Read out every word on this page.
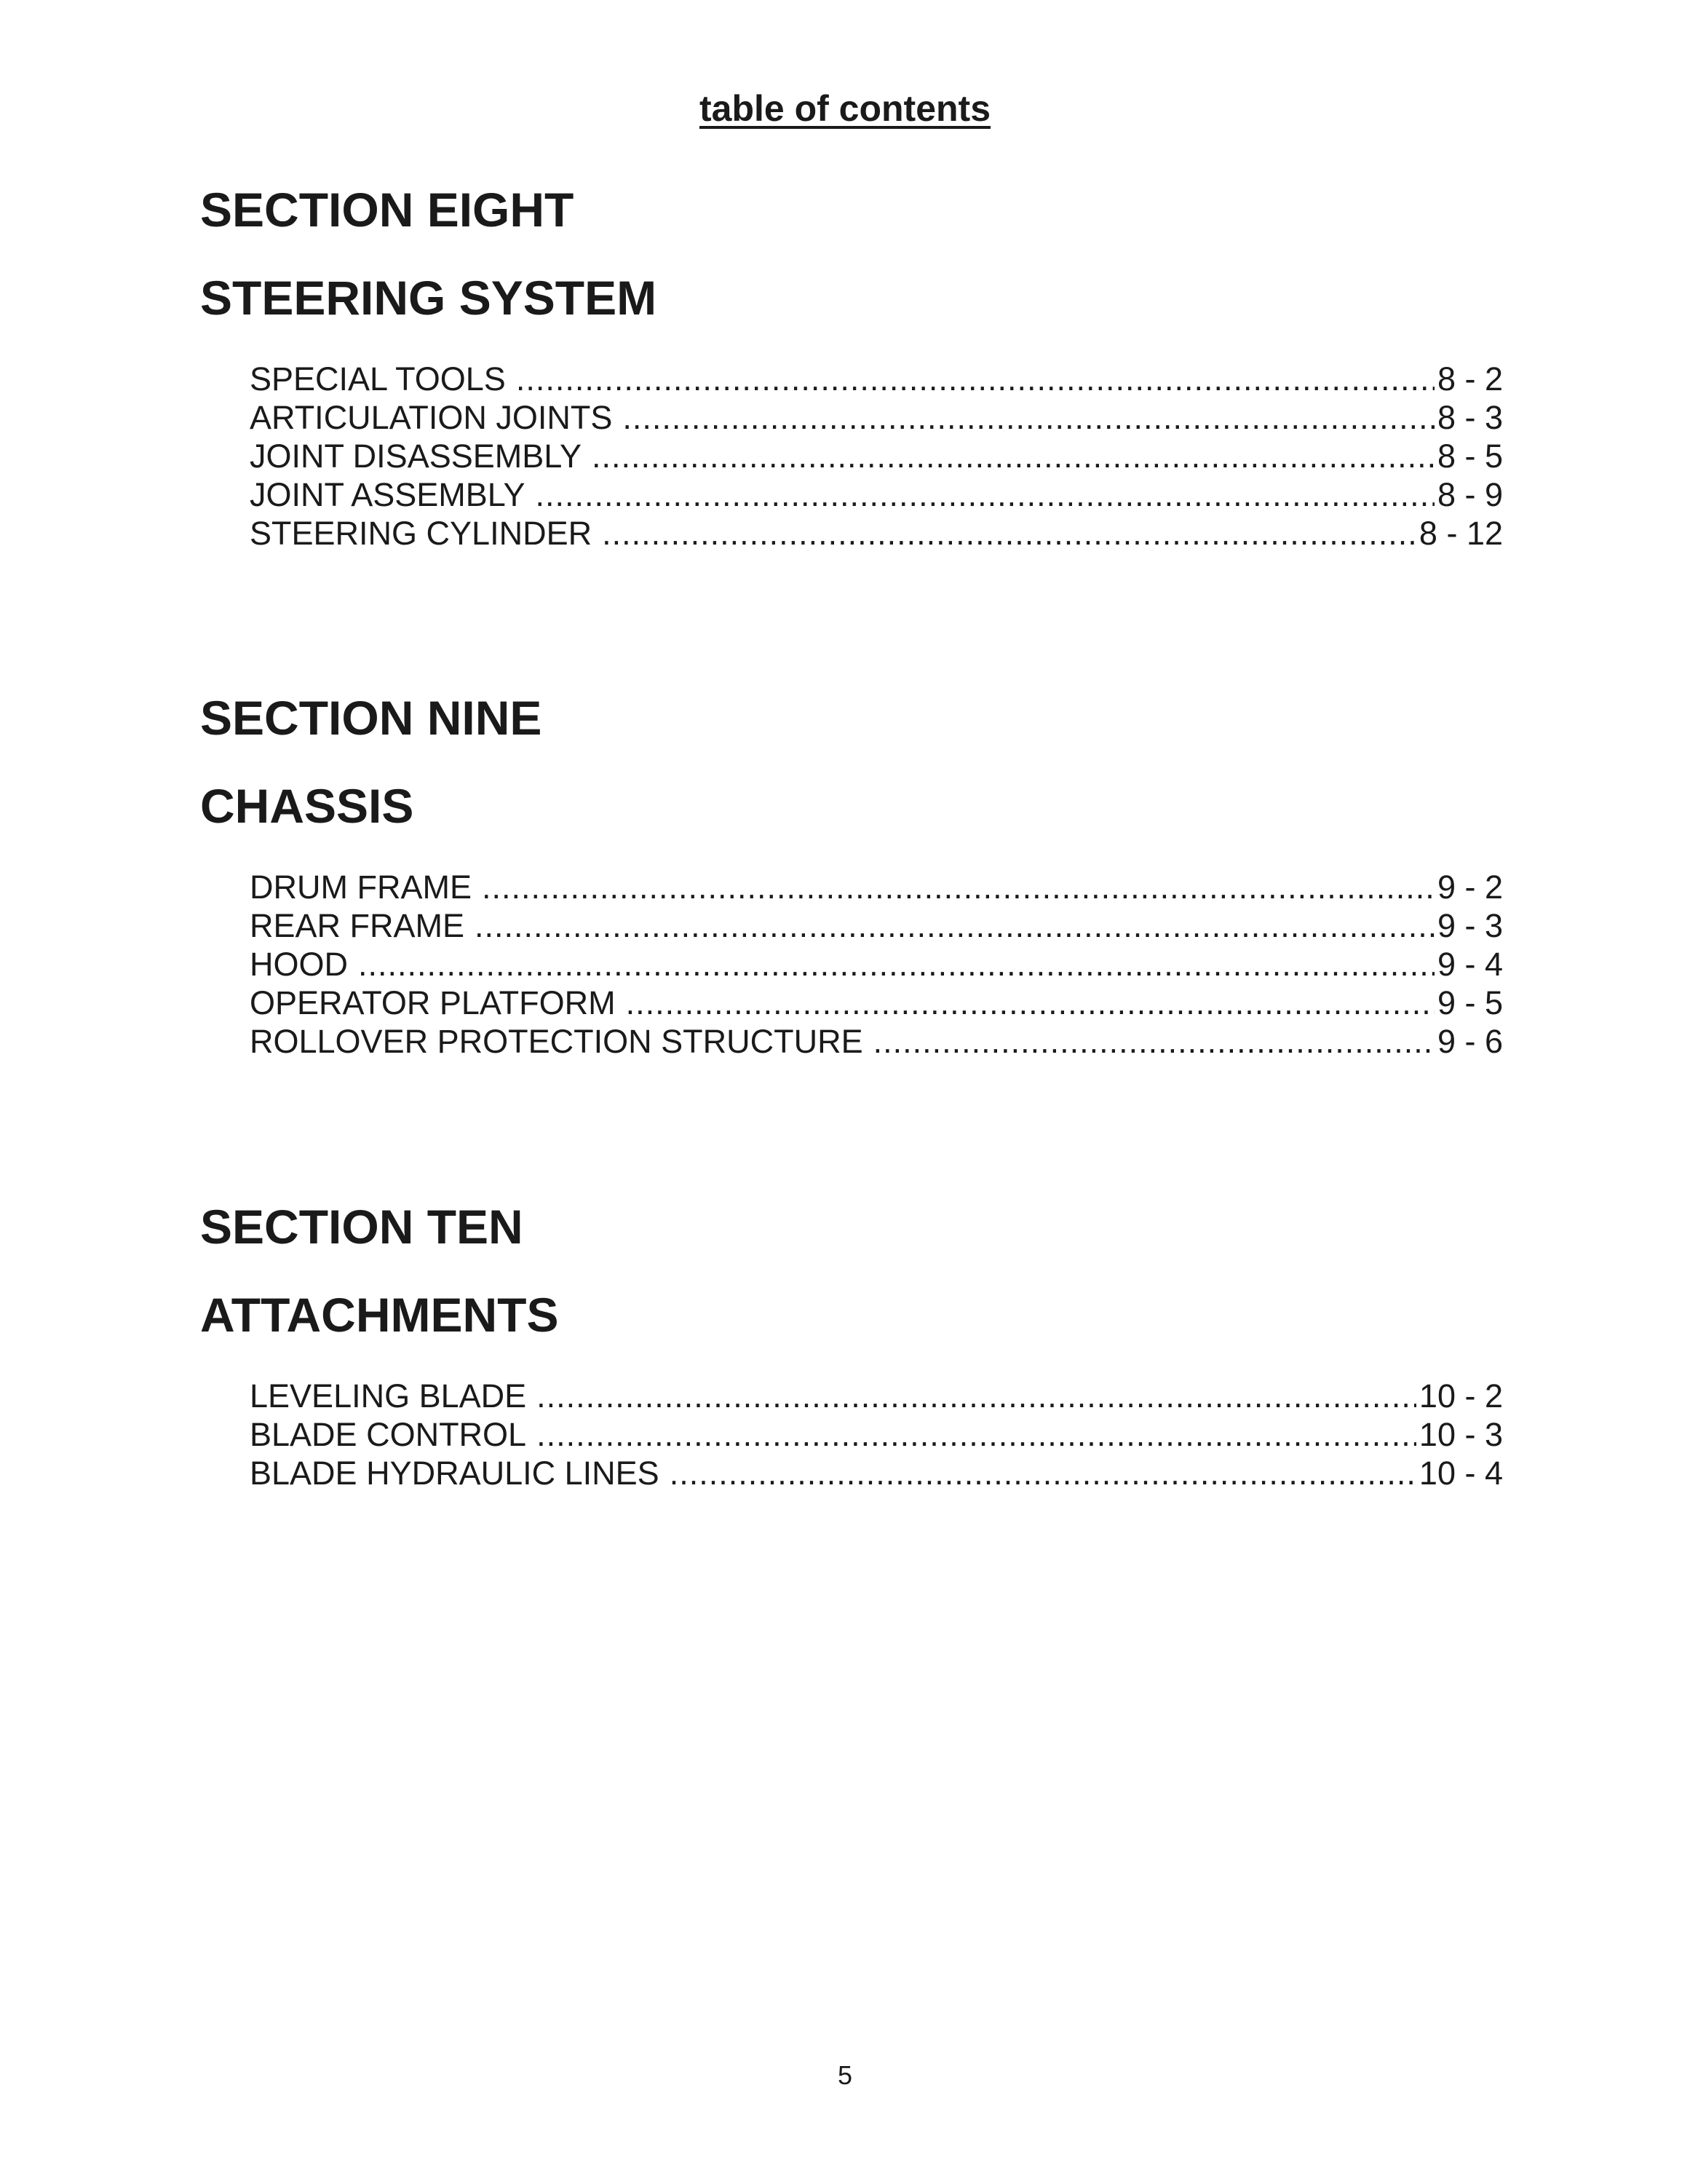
table of contents
SECTION EIGHT
STEERING SYSTEM
SPECIAL TOOLS .....	8 - 2
ARTICULATION JOINTS .....	8 - 3
JOINT DISASSEMBLY .....	8 - 5
JOINT ASSEMBLY .....	8 - 9
STEERING CYLINDER .....	8 - 12
SECTION NINE
CHASSIS
DRUM FRAME .....	9 - 2
REAR FRAME .....	9 - 3
HOOD .....	9 - 4
OPERATOR PLATFORM .....	9 - 5
ROLLOVER PROTECTION STRUCTURE .....	9 - 6
SECTION TEN
ATTACHMENTS
LEVELING BLADE .....	10 - 2
BLADE CONTROL .....	10 - 3
BLADE HYDRAULIC LINES .....	10 - 4
5
